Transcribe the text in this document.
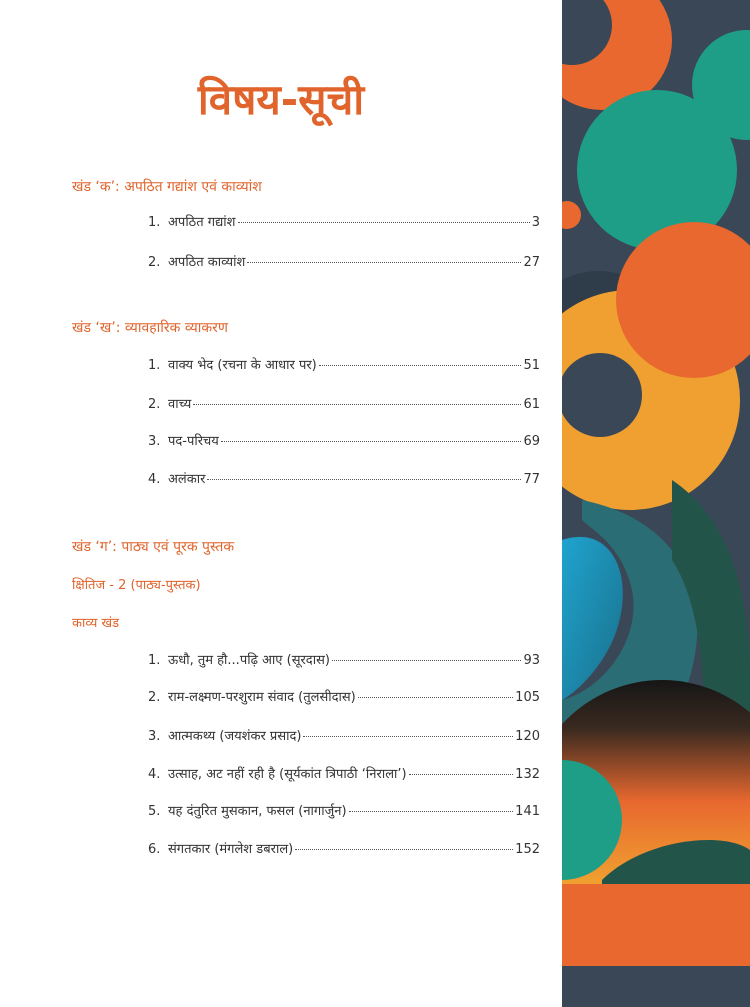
विषय-सूची
खंड ‘क’: अपठित गद्यांश एवं काव्यांश
1. अपठित गद्यांश	3
2. अपठित काव्यांश	27
खंड ‘ख’: व्यावहारिक व्याकरण
1. वाक्य भेद (रचना के आधार पर)	51
2. वाच्य	61
3. पद-परिचय	69
4. अलंकार	77
खंड ‘ग’: पाठ्य एवं पूरक पुस्तक
क्षितिज - 2 (पाठ्य-पुस्तक)
काव्य खंड
1. ऊधौ, तुम हौ...पढ़ि आए (सूरदास)	93
2. राम-लक्ष्मण-परशुराम संवाद (तुलसीदास)	105
3. आत्मकथ्य (जयशंकर प्रसाद)	120
4. उत्साह, अट नहीं रही है (सूर्यकांत त्रिपाठी ‘निराला’)	132
5. यह दंतुरित मुसकान, फसल (नागार्जुन)	141
6. संगतकार (मंगलेश डबराल)	152
